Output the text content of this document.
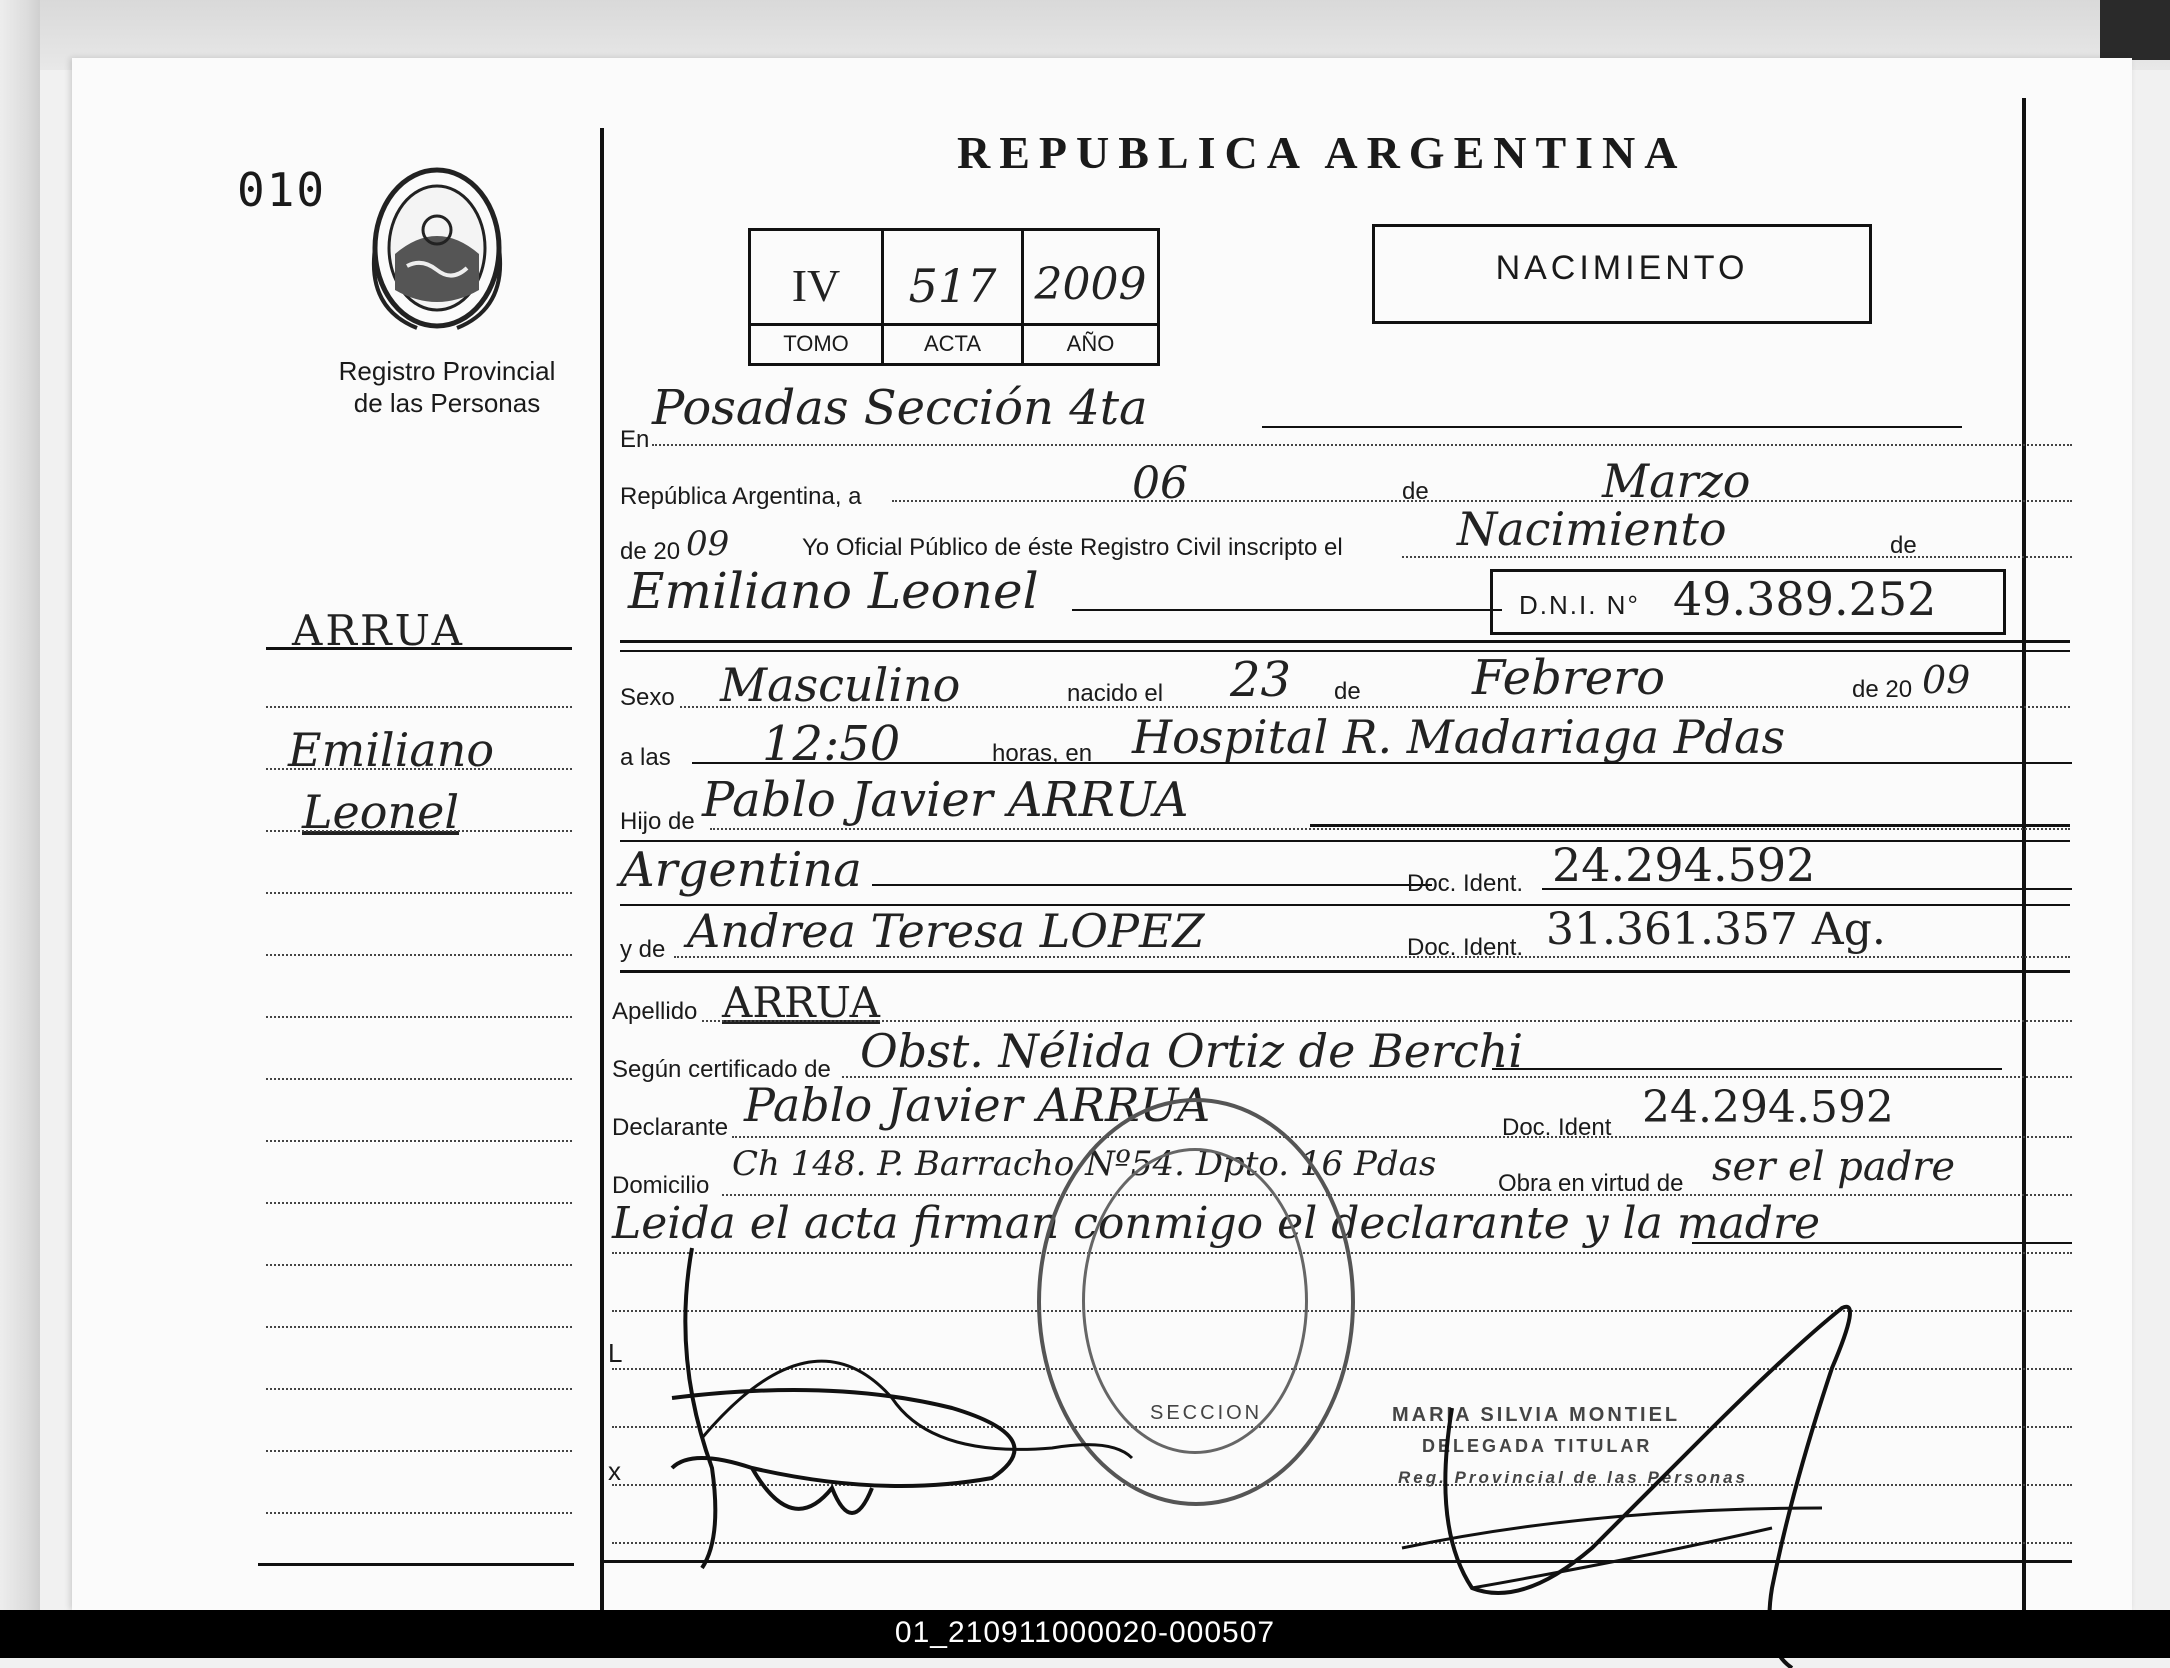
010
Registro Provincial
de las Personas
ARRUA
Emiliano
Leonel
REPUBLICA ARGENTINA
IV	517 2009
TOMO	ACTA	AÑO
NACIMIENTO
En
Posadas Sección 4ta
República Argentina, a	06	de	Marzo
de 20 09	Yo Oficial Público de éste Registro Civil inscripto el Nacimiento	de
Emiliano Leonel	D.N.I. N° 49.389.252
Sexo Masculino	nacido el 23 de Febrero	de 20 09
a las 12:50	horas, en Hospital R. Madariaga Pdas
Hijo de Pablo Javier ARRUA
Argentina	Doc. Ident. 24.294.592
y de Andrea Teresa LOPEZ	Doc. Ident. 31.361.357 Ag.
Apellido ARRUA
Según certificado de Obst. Nélida Ortiz de Berchi
Declarante Pablo Javier ARRUA	Doc. Ident 24.294.592
Domicilio
Ch 148. P. Barracho Nº54. Dpto. 16 Pdas	Obra en virtud de ser el padre
Leida el acta firman conmigo el declarante y la madre
L
x
SECCION	MARIA SILVIA MONTIEL
DELEGADA TITULAR
Reg. Provincial de las Personas
01_210911000020-000507
